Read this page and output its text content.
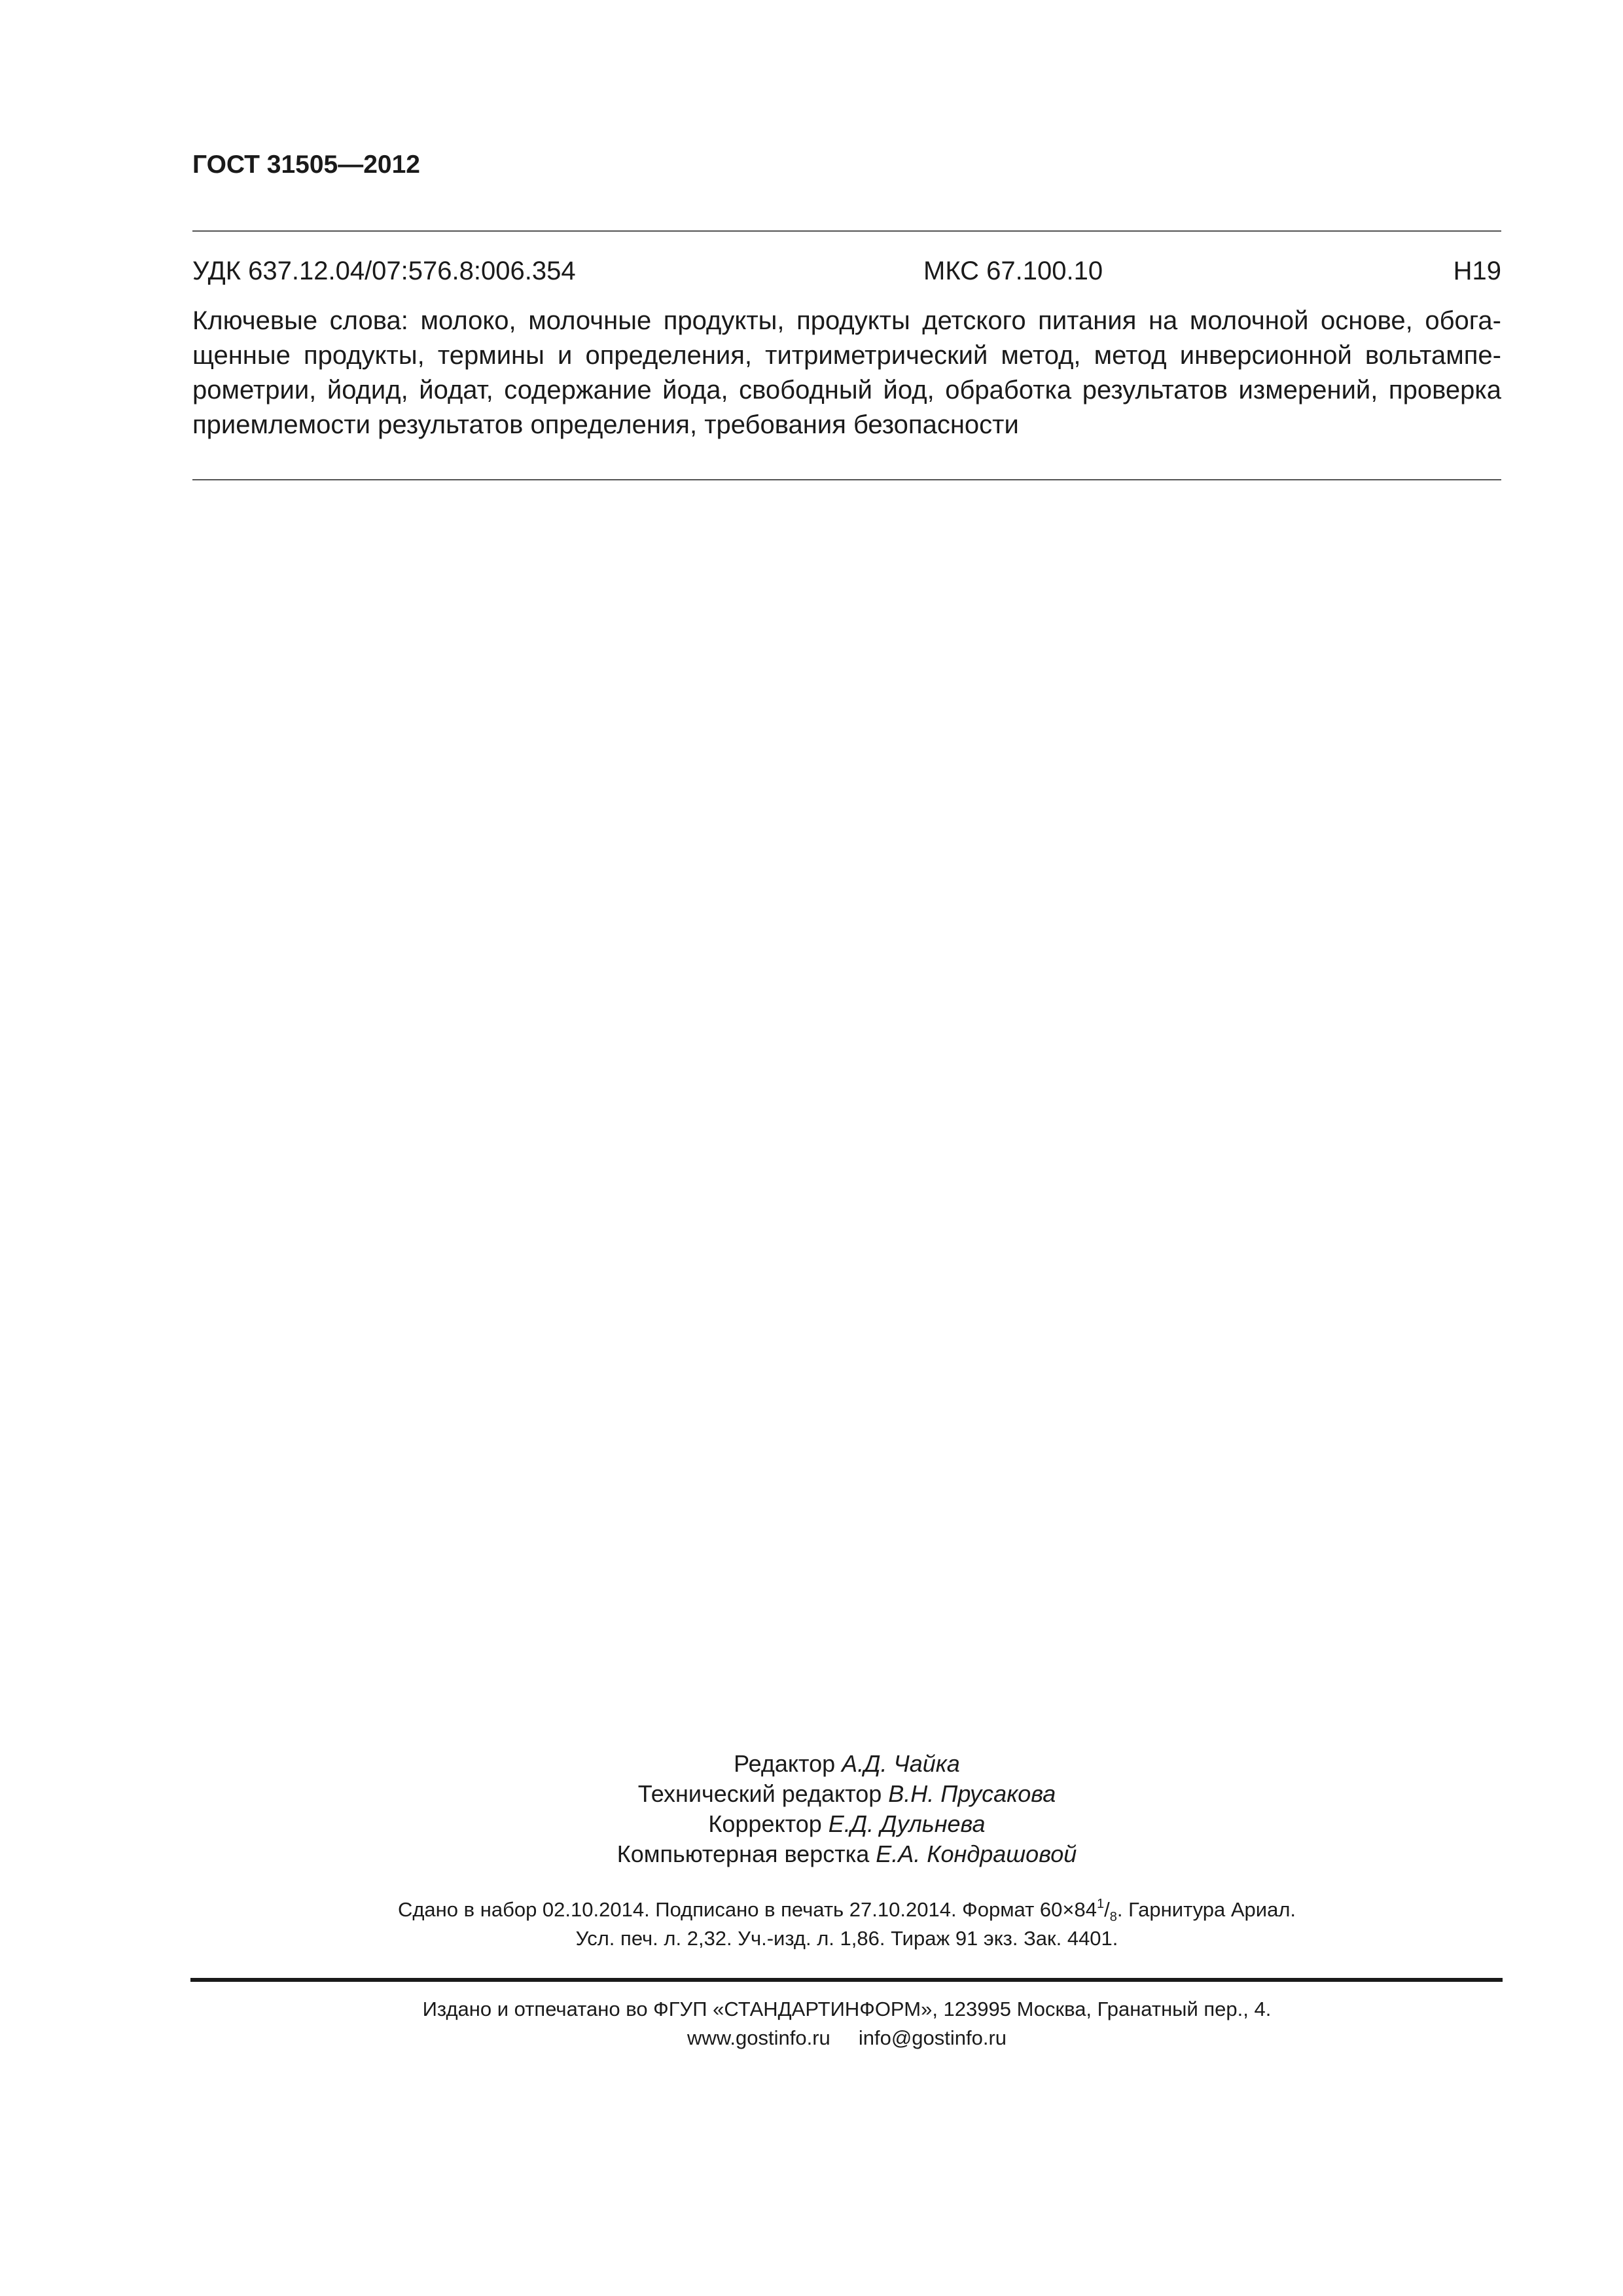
ГОСТ 31505—2012
УДК 637.12.04/07:576.8:006.354	МКС 67.100.10	Н19
Ключевые слова: молоко, молочные продукты, продукты детского питания на молочной основе, обога-
щенные продукты, термины и определения, титриметрический метод, метод инверсионной вольтампе-
рометрии, йодид, йодат, содержание йода, свободный йод, обработка результатов измерений, проверка
приемлемости результатов определения, требования безопасности
Редактор А.Д. Чайка
Технический редактор В.Н. Прусакова
Корректор Е.Д. Дульнева
Компьютерная верстка Е.А. Кондрашовой
Сдано в набор 02.10.2014. Подписано в печать 27.10.2014. Формат $60\times 84^1/_8$. Гарнитура Ариал.
Усл. печ. л. 2,32. Уч.-изд. л. 1,86. Тираж 91 экз. Зак. 4401.
Издано и отпечатано во ФГУП «СТАНДАРТИНФОРМ», 123995 Москва, Гранатный пер., 4.
www.gostinfo.ru     info@gostinfo.ru
